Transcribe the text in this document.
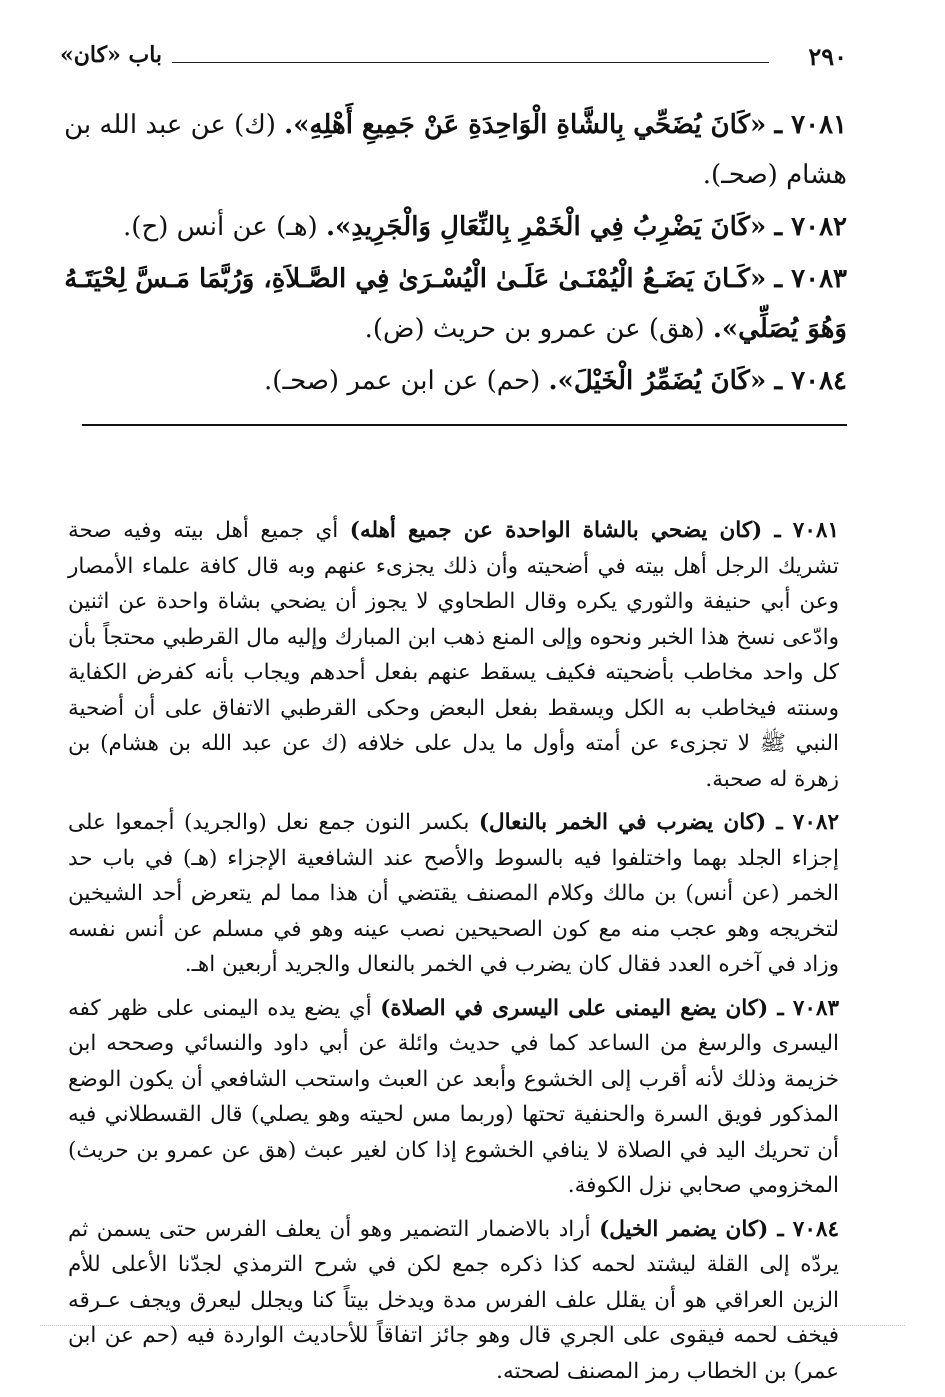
٢٩٠
باب «كان»

٧٠٨١ ـ «كَانَ يُضَحِّي بِالشَّاةِ الْوَاحِدَةِ عَنْ جَمِيعِ أَهْلِهِ». (ك) عن عبد الله بن هشام (صحـ).

٧٠٨٢ ـ «كَانَ يَضْرِبُ فِي الْخَمْرِ بِالنِّعَالِ وَالْجَرِيدِ». (هـ) عن أنس (ح).

٧٠٨٣ ـ «كَـانَ يَضَـعُ الْيُمْنَـىٰ عَلَـىٰ الْيُسْـرَىٰ فِي الصَّـلاَةِ، وَرُبَّمَا مَـسَّ لِحْيَتَـهُ وَهُوَ يُصَلِّي». (هق) عن عمرو بن حريث (ض).

٧٠٨٤ ـ «كَانَ يُضَمِّرُ الْخَيْلَ». (حم) عن ابن عمر (صحـ).

٧٠٨١ ـ (كان يضحي بالشاة الواحدة عن جميع أهله) أي جميع أهل بيته وفيه صحة تشريك الرجل أهل بيته في أضحيته وأن ذلك يجزىء عنهم وبه قال كافة علماء الأمصار وعن أبي حنيفة والثوري يكره وقال الطحاوي لا يجوز أن يضحي بشاة واحدة عن اثنين وادّعى نسخ هذا الخبر ونحوه وإلى المنع ذهب ابن المبارك وإليه مال القرطبي محتجاً بأن كل واحد مخاطب بأضحيته فكيف يسقط عنهم بفعل أحدهم ويجاب بأنه كفرض الكفاية وسنته فيخاطب به الكل ويسقط بفعل البعض وحكى القرطبي الاتفاق على أن أضحية النبي ﷺ لا تجزىء عن أمته وأول ما يدل على خلافه (ك عن عبد الله بن هشام) بن زهرة له صحبة.

٧٠٨٢ ـ (كان يضرب في الخمر بالنعال) بكسر النون جمع نعل (والجريد) أجمعوا على إجزاء الجلد بهما واختلفوا فيه بالسوط والأصح عند الشافعية الإجزاء (هـ) في باب حد الخمر (عن أنس) بن مالك وكلام المصنف يقتضي أن هذا مما لم يتعرض أحد الشيخين لتخريجه وهو عجب منه مع كون الصحيحين نصب عينه وهو في مسلم عن أنس نفسه وزاد في آخره العدد فقال كان يضرب في الخمر بالنعال والجريد أربعين اهـ.

٧٠٨٣ ـ (كان يضع اليمنى على اليسرى في الصلاة) أي يضع يده اليمنى على ظهر كفه اليسرى والرسغ من الساعد كما في حديث وائلة عن أبي داود والنسائي وصححه ابن خزيمة وذلك لأنه أقرب إلى الخشوع وأبعد عن العبث واستحب الشافعي أن يكون الوضع المذكور فويق السرة والحنفية تحتها (وربما مس لحيته وهو يصلي) قال القسطلاني فيه أن تحريك اليد في الصلاة لا ينافي الخشوع إذا كان لغير عبث (هق عن عمرو بن حريث) المخزومي صحابي نزل الكوفة.

٧٠٨٤ ـ (كان يضمر الخيل) أراد بالاضمار التضمير وهو أن يعلف الفرس حتى يسمن ثم يردّه إلى القلة ليشتد لحمه كذا ذكره جمع لكن في شرح الترمذي لجدّنا الأعلى للأم الزين العراقي هو أن يقلل علف الفرس مدة ويدخل بيتاً كنا ويجلل ليعرق ويجف عـرقه فيخف لحمه فيقوى على الجري قال وهو جائز اتفاقاً للأحاديث الواردة فيه (حم عن ابن عمر) بن الخطاب رمز المصنف لصحته.
